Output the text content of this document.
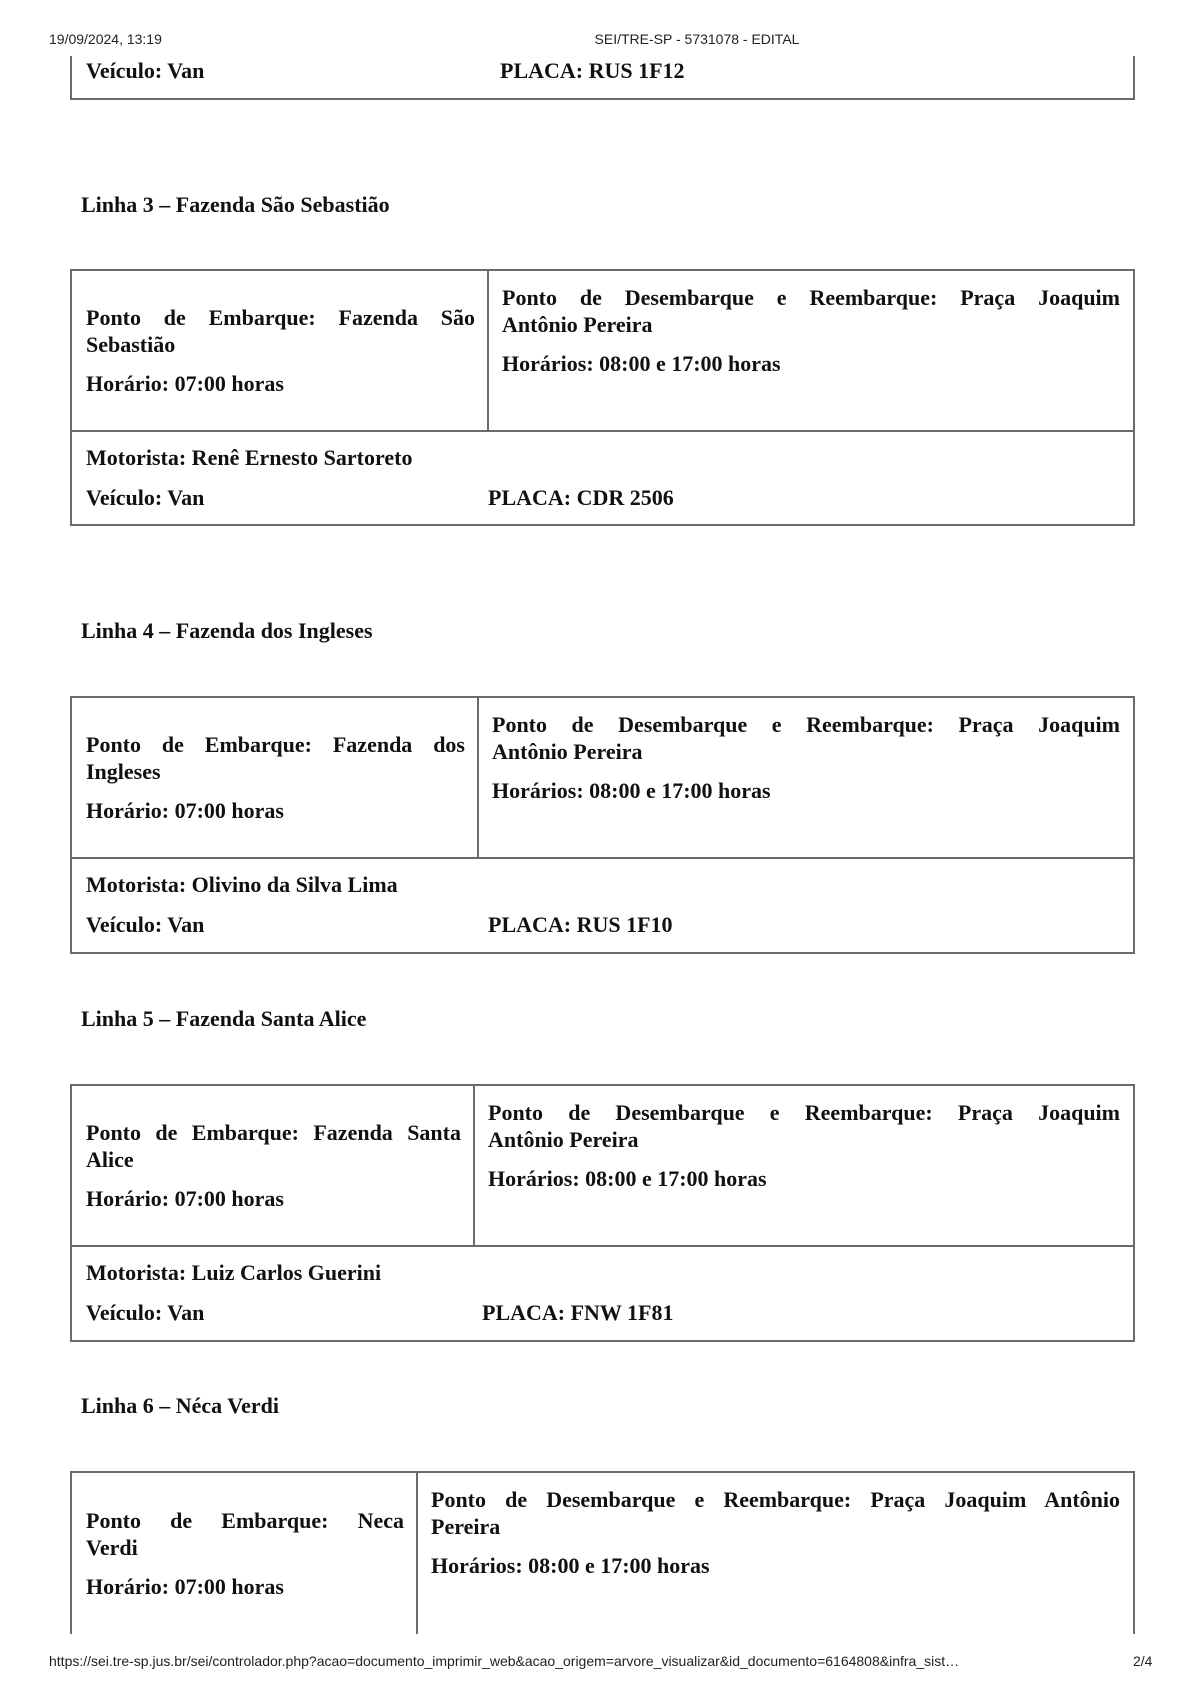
19/09/2024, 13:19	SEI/TRE-SP - 5731078 - EDITAL
Veículo: Van	PLACA: RUS 1F12
Linha 3 – Fazenda São Sebastião
Ponto de Embarque: Fazenda São
Sebastião
Horário: 07:00 horas
Ponto de Desembarque e Reembarque: Praça Joaquim
Antônio Pereira
Horários: 08:00 e 17:00 horas
Motorista: Renê Ernesto Sartoreto
Veículo: Van	PLACA: CDR 2506
Linha 4 – Fazenda dos Ingleses
Ponto de Embarque: Fazenda dos
Ingleses
Horário: 07:00 horas
Ponto de Desembarque e Reembarque: Praça Joaquim
Antônio Pereira
Horários: 08:00 e 17:00 horas
Motorista: Olivino da Silva Lima
Veículo: Van	PLACA: RUS 1F10
Linha 5 – Fazenda Santa Alice
Ponto de Embarque: Fazenda Santa
Alice
Horário: 07:00 horas
Ponto de Desembarque e Reembarque: Praça Joaquim
Antônio Pereira
Horários: 08:00 e 17:00 horas
Motorista: Luiz Carlos Guerini
Veículo: Van	PLACA: FNW 1F81
Linha 6 – Néca Verdi
Ponto de Embarque: Neca
Verdi
Horário: 07:00 horas
Ponto de Desembarque e Reembarque: Praça Joaquim Antônio
Pereira
Horários: 08:00 e 17:00 horas
https://sei.tre-sp.jus.br/sei/controlador.php?acao=documento_imprimir_web&acao_origem=arvore_visualizar&id_documento=6164808&infra_sist…	2/4
